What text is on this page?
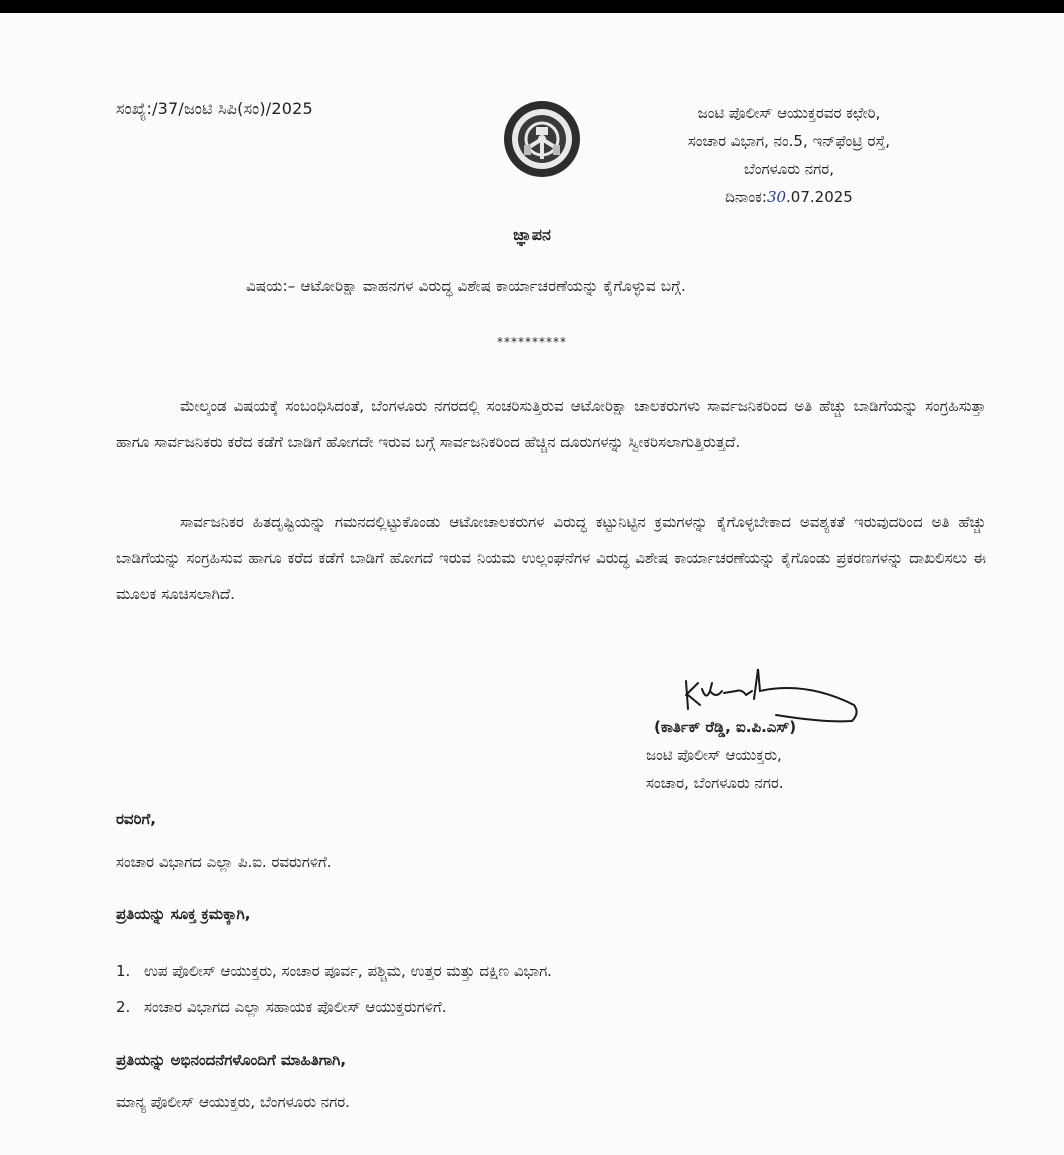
ಸಂಖ್ಯೆ:/37/ಜಂಟಿ ಸಿಪಿ(ಸಂ)/2025	ಜಂಟಿ ಪೊಲೀಸ್ ಆಯುಕ್ತರವರ ಕಛೇರಿ,
ಸಂಚಾರ ವಿಭಾಗ, ನಂ.5, ಇನ್‌ಫೆಂಟ್ರಿ ರಸ್ತೆ,
ಬೆಂಗಳೂರು ನಗರ,
ದಿನಾಂಕ:30.07.2025
ಜ್ಞಾಪನ
ವಿಷಯ:– ಆಟೋರಿಕ್ಷಾ ವಾಹನಗಳ ವಿರುದ್ಧ ವಿಶೇಷ ಕಾರ್ಯಾಚರಣೆಯನ್ನು ಕೈಗೊಳ್ಳುವ ಬಗ್ಗೆ.
**********

ಮೇಲ್ಕಂಡ ವಿಷಯಕ್ಕೆ ಸಂಬಂಧಿಸಿದಂತೆ, ಬೆಂಗಳೂರು ನಗರದಲ್ಲಿ ಸಂಚರಿಸುತ್ತಿರುವ ಆಟೋರಿಕ್ಷಾ ಚಾಲಕರುಗಳು ಸಾರ್ವಜನಿಕರಿಂದ ಅತಿ ಹೆಚ್ಚು ಬಾಡಿಗೆಯನ್ನು ಸಂಗ್ರಹಿಸುತ್ತಾ ಹಾಗೂ ಸಾರ್ವಜನಿಕರು ಕರೆದ ಕಡೆಗೆ ಬಾಡಿಗೆ ಹೋಗದೇ ಇರುವ ಬಗ್ಗೆ ಸಾರ್ವಜನಿಕರಿಂದ ಹೆಚ್ಚಿನ ದೂರುಗಳನ್ನು ಸ್ವೀಕರಿಸಲಾಗುತ್ತಿರುತ್ತದೆ.

ಸಾರ್ವಜನಿಕರ ಹಿತದೃಷ್ಟಿಯನ್ನು ಗಮನದಲ್ಲಿಟ್ಟುಕೊಂಡು ಆಟೋಚಾಲಕರುಗಳ ವಿರುದ್ಧ ಕಟ್ಟುನಿಟ್ಟಿನ ಕ್ರಮಗಳನ್ನು ಕೈಗೊಳ್ಳಬೇಕಾದ ಅವಶ್ಯಕತೆ ಇರುವುದರಿಂದ ಅತಿ ಹೆಚ್ಚು ಬಾಡಿಗೆಯನ್ನು ಸಂಗ್ರಹಿಸುವ ಹಾಗೂ ಕರೆದ ಕಡೆಗೆ ಬಾಡಿಗೆ ಹೋಗದೆ ಇರುವ ನಿಯಮ ಉಲ್ಲಂಘನೆಗಳ ವಿರುದ್ಧ ವಿಶೇಷ ಕಾರ್ಯಾಚರಣೆಯನ್ನು ಕೈಗೊಂಡು ಪ್ರಕರಣಗಳನ್ನು ದಾಖಲಿಸಲು ಈ ಮೂಲಕ ಸೂಚಿಸಲಾಗಿದೆ.

(ಕಾರ್ತಿಕ್ ರೆಡ್ಡಿ, ಐ.ಪಿ.ಎಸ್)
ಜಂಟಿ ಪೊಲೀಸ್ ಆಯುಕ್ತರು,
ಸಂಚಾರ, ಬೆಂಗಳೂರು ನಗರ.
ರವರಿಗೆ,
ಸಂಚಾರ ವಿಭಾಗದ ಎಲ್ಲಾ ಪಿ.ಐ. ರವರುಗಳಿಗೆ.
ಪ್ರತಿಯನ್ನು ಸೂಕ್ತ ಕ್ರಮಕ್ಕಾಗಿ,
1. ಉಪ ಪೊಲೀಸ್ ಆಯುಕ್ತರು, ಸಂಚಾರ ಪೂರ್ವ, ಪಶ್ಚಿಮ, ಉತ್ತರ ಮತ್ತು ದಕ್ಷಿಣ ವಿಭಾಗ.
2. ಸಂಚಾರ ವಿಭಾಗದ ಎಲ್ಲಾ ಸಹಾಯಕ ಪೊಲೀಸ್ ಆಯುಕ್ತರುಗಳಿಗೆ.
ಪ್ರತಿಯನ್ನು ಅಭಿನಂದನೆಗಳೊಂದಿಗೆ ಮಾಹಿತಿಗಾಗಿ,
ಮಾನ್ಯ ಪೊಲೀಸ್ ಆಯುಕ್ತರು, ಬೆಂಗಳೂರು ನಗರ.
